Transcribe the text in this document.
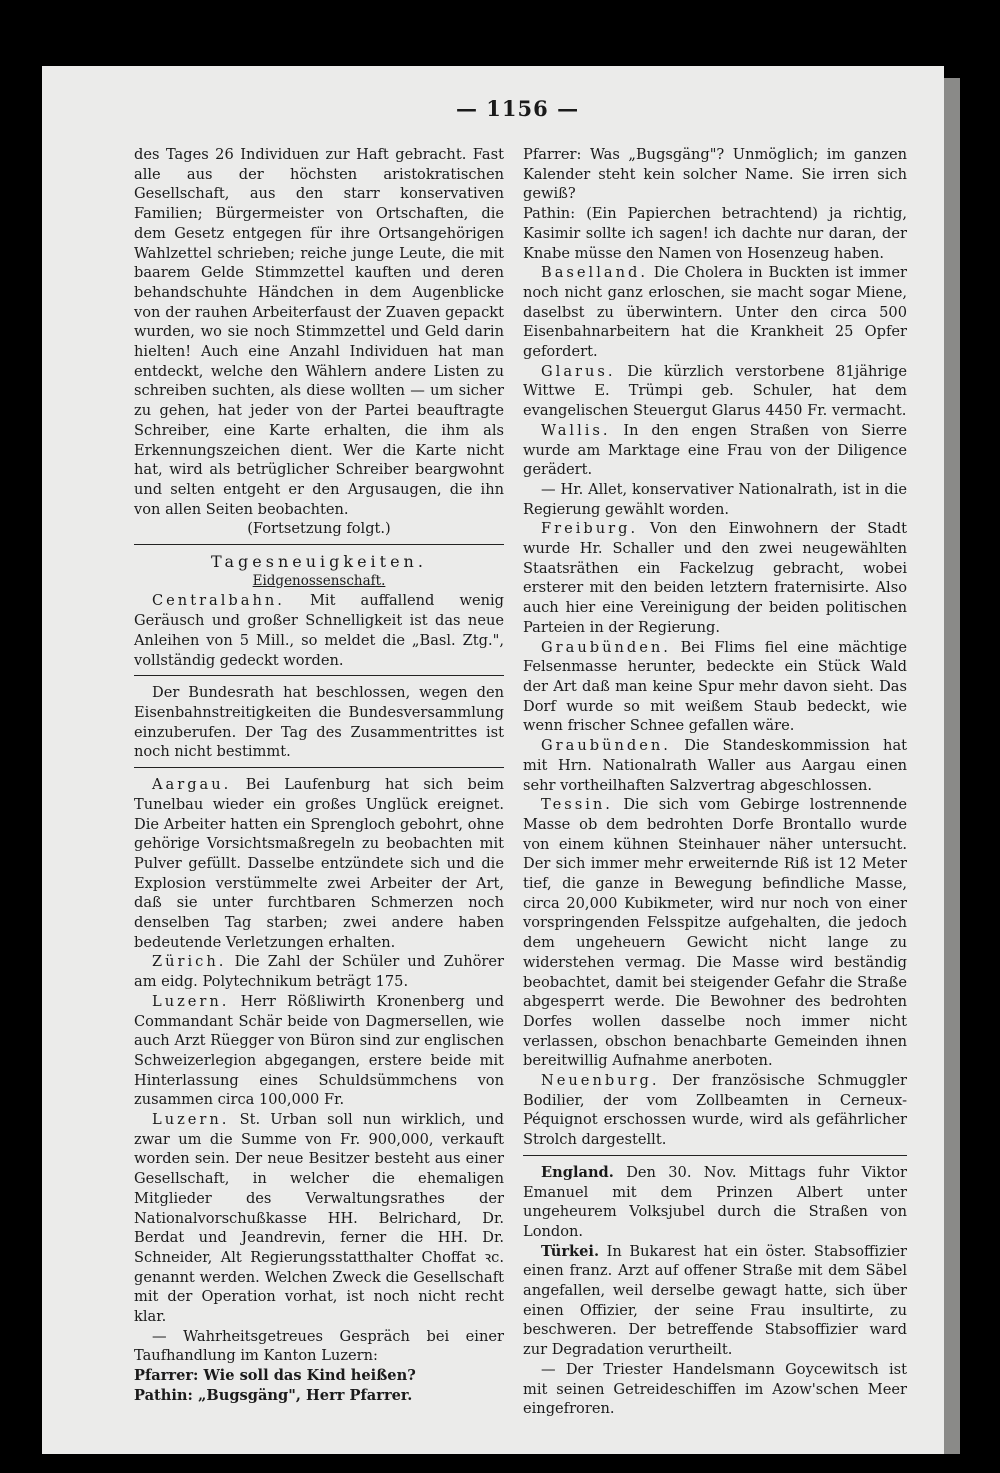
— 1156 —

des Tages 26 Individuen zur Haft gebracht. Fast alle aus der höchsten aristokratischen Gesellschaft, aus den starr konservativen Familien; Bürgermeister von Ortschaften, die dem Gesetz entgegen für ihre Ortsangehörigen Wahlzettel schrieben; reiche junge Leute, die mit baarem Gelde Stimmzettel kauften und deren behandschuhte Händchen in dem Augenblicke von der rauhen Arbeiterfaust der Zuaven gepackt wurden, wo sie noch Stimmzettel und Geld darin hielten! Auch eine Anzahl Individuen hat man entdeckt, welche den Wählern andere Listen zu schreiben suchten, als diese wollten — um sicher zu gehen, hat jeder von der Partei beauftragte Schreiber, eine Karte erhalten, die ihm als Erkennungszeichen dient. Wer die Karte nicht hat, wird als betrüglicher Schreiber beargwohnt und selten entgeht er den Argusaugen, die ihn von allen Seiten beobachten.

(Fortsetzung folgt.)

Tagesneuigkeiten.

Eidgenossenschaft.

Centralbahn. Mit auffallend wenig Geräusch und großer Schnelligkeit ist das neue Anleihen von 5 Mill., so meldet die „Basl. Ztg.", vollständig gedeckt worden.

Der Bundesrath hat beschlossen, wegen den Eisenbahnstreitigkeiten die Bundesversammlung einzuberufen. Der Tag des Zusammentrittes ist noch nicht bestimmt.

Aargau. Bei Laufenburg hat sich beim Tunelbau wieder ein großes Unglück ereignet. Die Arbeiter hatten ein Sprengloch gebohrt, ohne gehörige Vorsichtsmaßregeln zu beobachten mit Pulver gefüllt. Dasselbe entzündete sich und die Explosion verstümmelte zwei Arbeiter der Art, daß sie unter furchtbaren Schmerzen noch denselben Tag starben; zwei andere haben bedeutende Verletzungen erhalten.

Zürich. Die Zahl der Schüler und Zuhörer am eidg. Polytechnikum beträgt 175.

Luzern. Herr Rößliwirth Kronenberg und Commandant Schär beide von Dagmersellen, wie auch Arzt Rüegger von Büron sind zur englischen Schweizerlegion abgegangen, erstere beide mit Hinterlassung eines Schuldsümmchens von zusammen circa 100,000 Fr.

Luzern. St. Urban soll nun wirklich, und zwar um die Summe von Fr. 900,000, verkauft worden sein. Der neue Besitzer besteht aus einer Gesellschaft, in welcher die ehemaligen Mitglieder des Verwaltungsrathes der Nationalvorschußkasse HH. Belrichard, Dr. Berdat und Jeandrevin, ferner die HH. Dr. Schneider, Alt Regierungsstatthalter Choffat ꝛc. genannt werden. Welchen Zweck die Gesellschaft mit der Operation vorhat, ist noch nicht recht klar.

— Wahrheitsgetreues Gespräch bei einer Taufhandlung im Kanton Luzern:

Pfarrer: Wie soll das Kind heißen?

Pathin: „Bugsgäng", Herr Pfarrer.

Pfarrer: Was „Bugsgäng"? Unmöglich; im ganzen Kalender steht kein solcher Name. Sie irren sich gewiß?

Pathin: (Ein Papierchen betrachtend) ja richtig, Kasimir sollte ich sagen! ich dachte nur daran, der Knabe müsse den Namen von Hosenzeug haben.

Baselland. Die Cholera in Buckten ist immer noch nicht ganz erloschen, sie macht sogar Miene, daselbst zu überwintern. Unter den circa 500 Eisenbahnarbeitern hat die Krankheit 25 Opfer gefordert.

Glarus. Die kürzlich verstorbene 81jährige Wittwe E. Trümpi geb. Schuler, hat dem evangelischen Steuergut Glarus 4450 Fr. vermacht.

Wallis. In den engen Straßen von Sierre wurde am Marktage eine Frau von der Diligence gerädert.

— Hr. Allet, konservativer Nationalrath, ist in die Regierung gewählt worden.

Freiburg. Von den Einwohnern der Stadt wurde Hr. Schaller und den zwei neugewählten Staatsräthen ein Fackelzug gebracht, wobei ersterer mit den beiden letztern fraternisirte. Also auch hier eine Vereinigung der beiden politischen Parteien in der Regierung.

Graubünden. Bei Flims fiel eine mächtige Felsenmasse herunter, bedeckte ein Stück Wald der Art daß man keine Spur mehr davon sieht. Das Dorf wurde so mit weißem Staub bedeckt, wie wenn frischer Schnee gefallen wäre.

Graubünden. Die Standeskommission hat mit Hrn. Nationalrath Waller aus Aargau einen sehr vortheilhaften Salzvertrag abgeschlossen.

Tessin. Die sich vom Gebirge lostrennende Masse ob dem bedrohten Dorfe Brontallo wurde von einem kühnen Steinhauer näher untersucht. Der sich immer mehr erweiternde Riß ist 12 Meter tief, die ganze in Bewegung befindliche Masse, circa 20,000 Kubikmeter, wird nur noch von einer vorspringenden Felsspitze aufgehalten, die jedoch dem ungeheuern Gewicht nicht lange zu widerstehen vermag. Die Masse wird beständig beobachtet, damit bei steigender Gefahr die Straße abgesperrt werde. Die Bewohner des bedrohten Dorfes wollen dasselbe noch immer nicht verlassen, obschon benachbarte Gemeinden ihnen bereitwillig Aufnahme anerboten.

Neuenburg. Der französische Schmuggler Bodilier, der vom Zollbeamten in Cerneux-Péquignot erschossen wurde, wird als gefährlicher Strolch dargestellt.

England. Den 30. Nov. Mittags fuhr Viktor Emanuel mit dem Prinzen Albert unter ungeheurem Volksjubel durch die Straßen von London.

Türkei. In Bukarest hat ein öster. Stabsoffizier einen franz. Arzt auf offener Straße mit dem Säbel angefallen, weil derselbe gewagt hatte, sich über einen Offizier, der seine Frau insultirte, zu beschweren. Der betreffende Stabsoffizier ward zur Degradation verurtheilt.

— Der Triester Handelsmann Goycewitsch ist mit seinen Getreideschiffen im Azow'schen Meer eingefroren.
